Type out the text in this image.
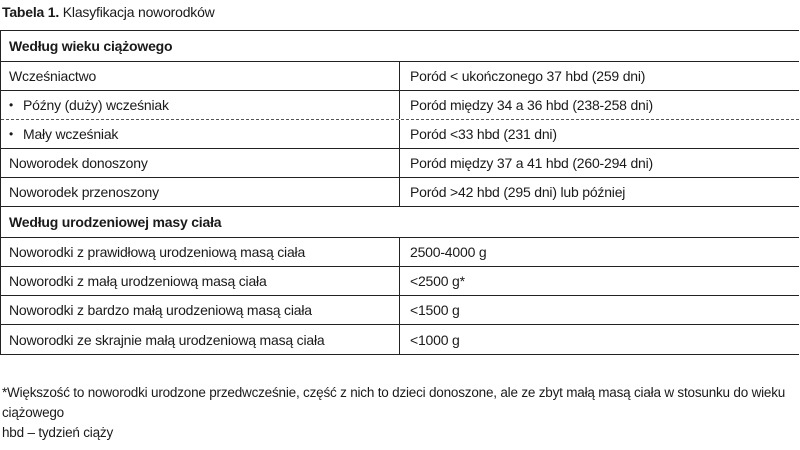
Tabela 1. Klasyfikacja noworodków
Według wieku ciążowego
Wcześniactwo	Poród < ukończonego 37 hbd (259 dni)
• Późny (duży) wcześniak	Poród między 34 a 36 hbd (238-258 dni)
• Mały wcześniak	Poród <33 hbd (231 dni)
Noworodek donoszony	Poród między 37 a 41 hbd (260-294 dni)
Noworodek przenoszony	Poród >42 hbd (295 dni) lub później
Według urodzeniowej masy ciała
Noworodki z prawidłową urodzeniową masą ciała	2500-4000 g
Noworodki z małą urodzeniową masą ciała	<2500 g*
Noworodki z bardzo małą urodzeniową masą ciała	<1500 g
Noworodki ze skrajnie małą urodzeniową masą ciała	<1000 g
*Większość to noworodki urodzone przedwcześnie, część z nich to dzieci donoszone, ale ze zbyt małą masą ciała w stosunku do wieku ciążowego
hbd – tydzień ciąży
